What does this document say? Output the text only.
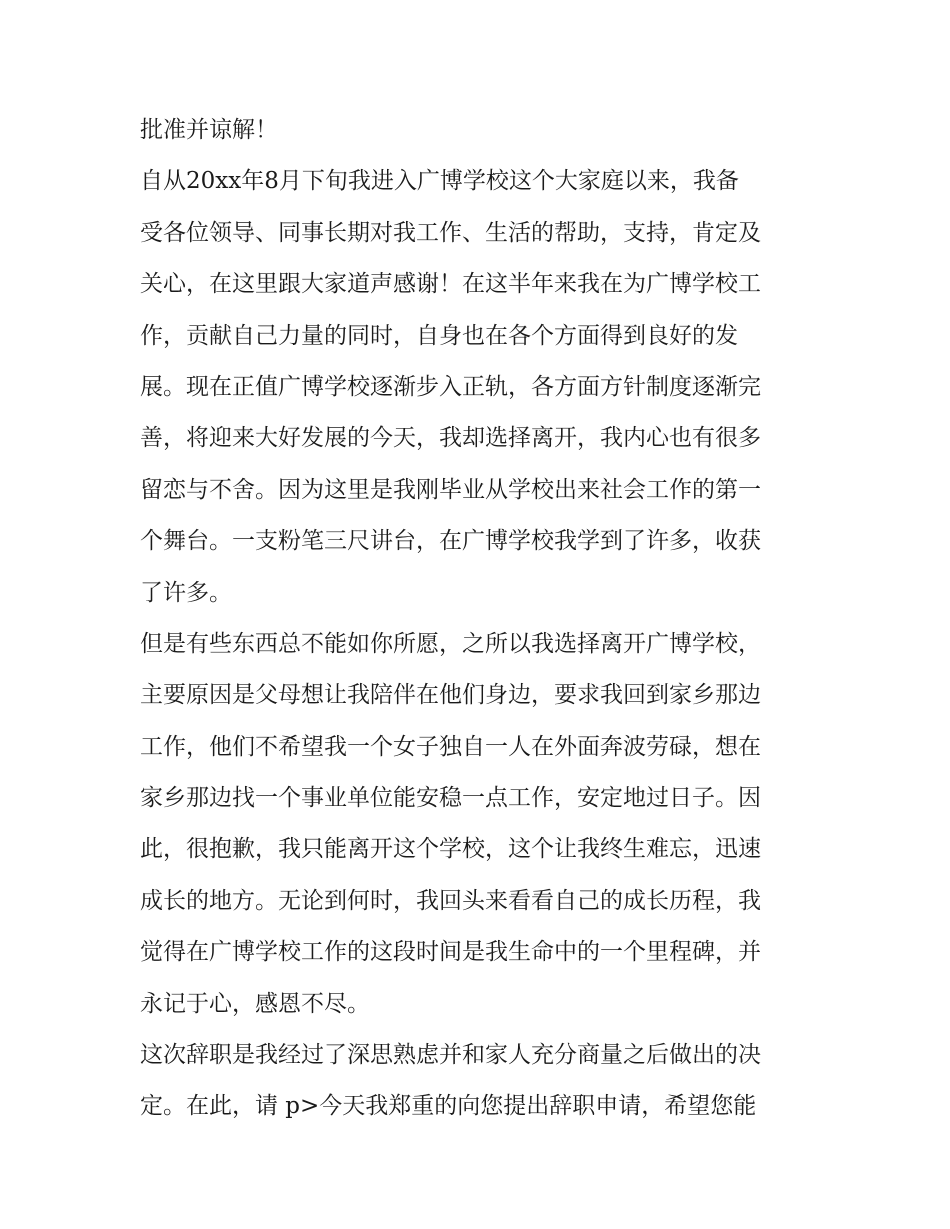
批准并谅解！
自从20xx年8月下旬我进入广博学校这个大家庭以来，我备
受各位领导、同事长期对我工作、生活的帮助，支持，肯定及
关心，在这里跟大家道声感谢！在这半年来我在为广博学校工
作，贡献自己力量的同时，自身也在各个方面得到良好的发
展。现在正值广博学校逐渐步入正轨，各方面方针制度逐渐完
善，将迎来大好发展的今天，我却选择离开，我内心也有很多
留恋与不舍。因为这里是我刚毕业从学校出来社会工作的第一
个舞台。一支粉笔三尺讲台，在广博学校我学到了许多，收获
了许多。
但是有些东西总不能如你所愿，之所以我选择离开广博学校，
主要原因是父母想让我陪伴在他们身边，要求我回到家乡那边
工作，他们不希望我一个女子独自一人在外面奔波劳碌，想在
家乡那边找一个事业单位能安稳一点工作，安定地过日子。因
此，很抱歉，我只能离开这个学校，这个让我终生难忘，迅速
成长的地方。无论到何时，我回头来看看自己的成长历程，我
觉得在广博学校工作的这段时间是我生命中的一个里程碑，并
永记于心，感恩不尽。
这次辞职是我经过了深思熟虑并和家人充分商量之后做出的决
定。在此，请 p>今天我郑重的向您提出辞职申请，希望您能
